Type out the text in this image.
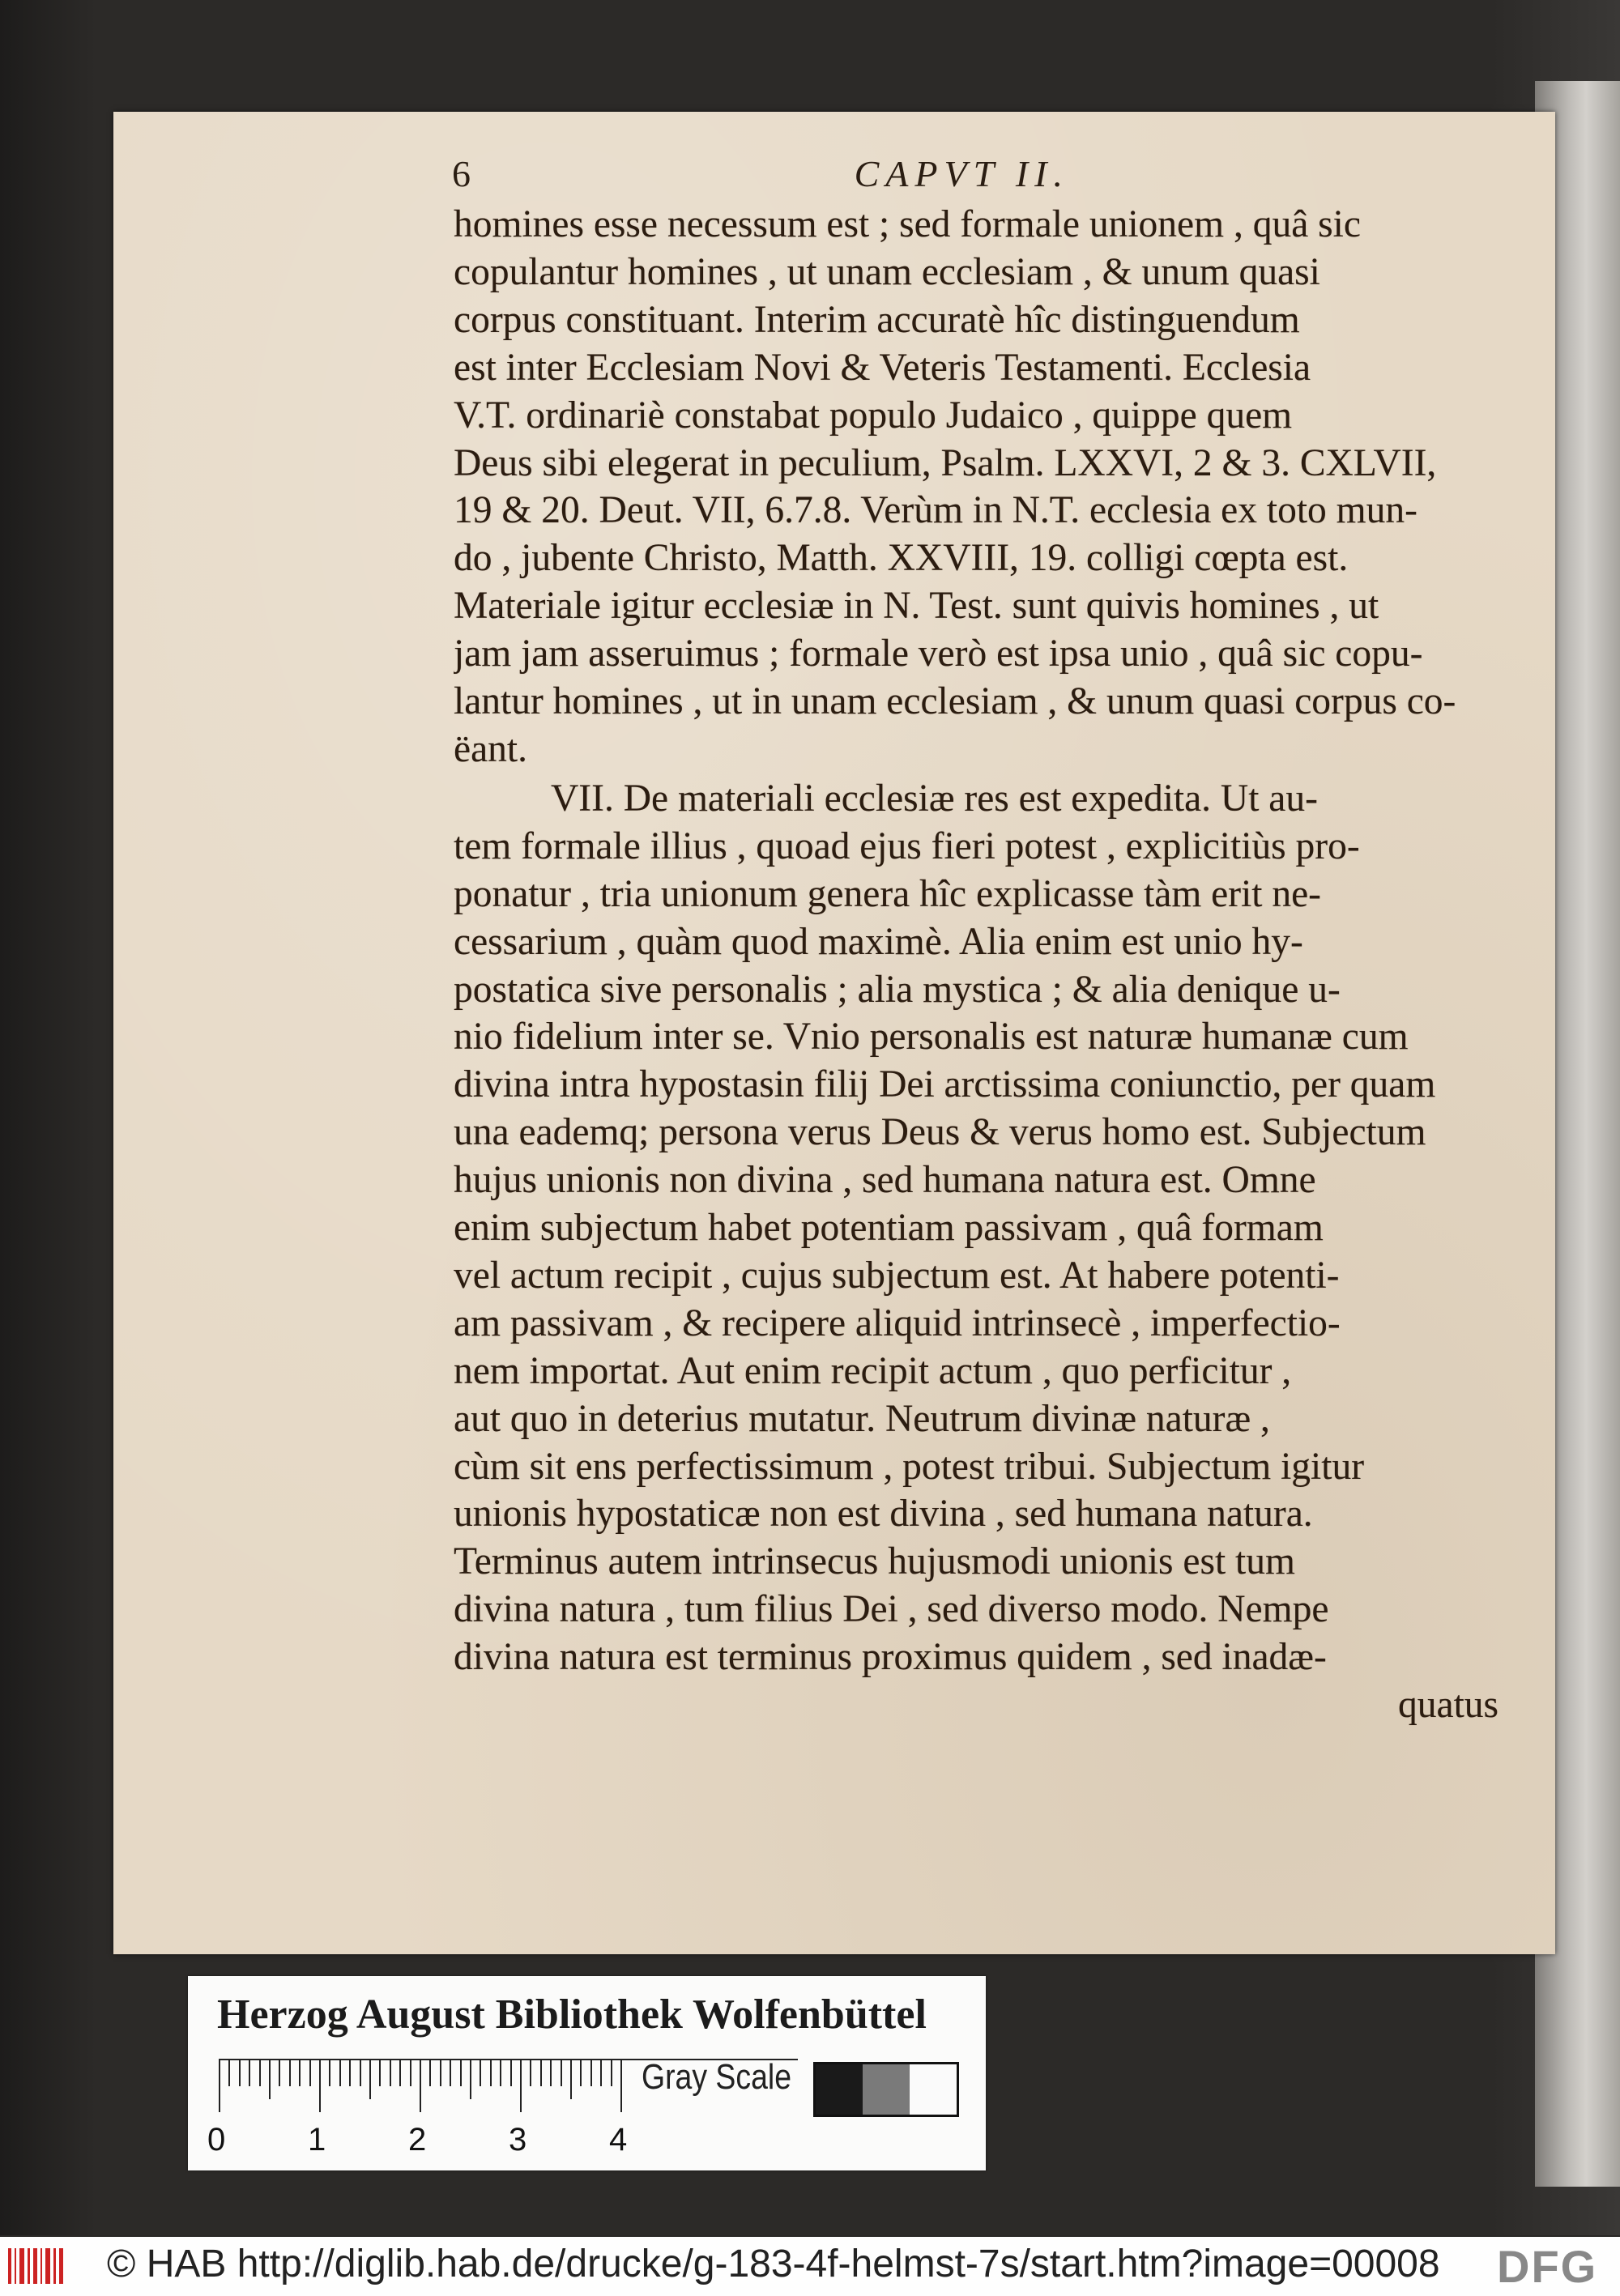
6	CAPVT II.
homines esse necessum est ; sed formale unionem , quâ sic
copulantur homines , ut unam ecclesiam , & unum quasi
corpus constituant. Interim accuratè hîc distinguendum
est inter Ecclesiam Novi & Veteris Testamenti. Ecclesia
V.T. ordinariè constabat populo Judaico , quippe quem
Deus sibi elegerat in peculium, Psalm. LXXVI, 2 & 3. CXLVII,
19 & 20. Deut. VII, 6.7.8. Verùm in N.T. ecclesia ex toto mun-
do , jubente Christo, Matth. XXVIII, 19. colligi cœpta est.
Materiale igitur ecclesiæ in N. Test. sunt quivis homines , ut
jam jam asseruimus ; formale verò est ipsa unio , quâ sic copu-
lantur homines , ut in unam ecclesiam , & unum quasi corpus co-
ëant.
VII. De materiali ecclesiæ res est expedita. Ut au-
tem formale illius , quoad ejus fieri potest , explicitiùs pro-
ponatur , tria unionum genera hîc explicasse tàm erit ne-
cessarium , quàm quod maximè. Alia enim est unio hy-
postatica sive personalis ; alia mystica ; & alia denique u-
nio fidelium inter se. Vnio personalis est naturæ humanæ cum
divina intra hypostasin filij Dei arctissima coniunctio, per quam
una eademq; persona verus Deus & verus homo est. Subjectum
hujus unionis non divina , sed humana natura est. Omne
enim subjectum habet potentiam passivam , quâ formam
vel actum recipit , cujus subjectum est. At habere potenti-
am passivam , & recipere aliquid intrinsecè , imperfectio-
nem importat. Aut enim recipit actum , quo perficitur ,
aut quo in deterius mutatur. Neutrum divinæ naturæ ,
cùm sit ens perfectissimum , potest tribui. Subjectum igitur
unionis hypostaticæ non est divina , sed humana natura.
Terminus autem intrinsecus hujusmodi unionis est tum
divina natura , tum filius Dei , sed diverso modo. Nempe
divina natura est terminus proximus quidem , sed inadæ-
quatus
Herzog August Bibliothek Wolfenbüttel
0	1	2	3	4
Gray Scale
© HAB http://diglib.hab.de/drucke/g-183-4f-helmst-7s/start.htm?image=00008 DFG
